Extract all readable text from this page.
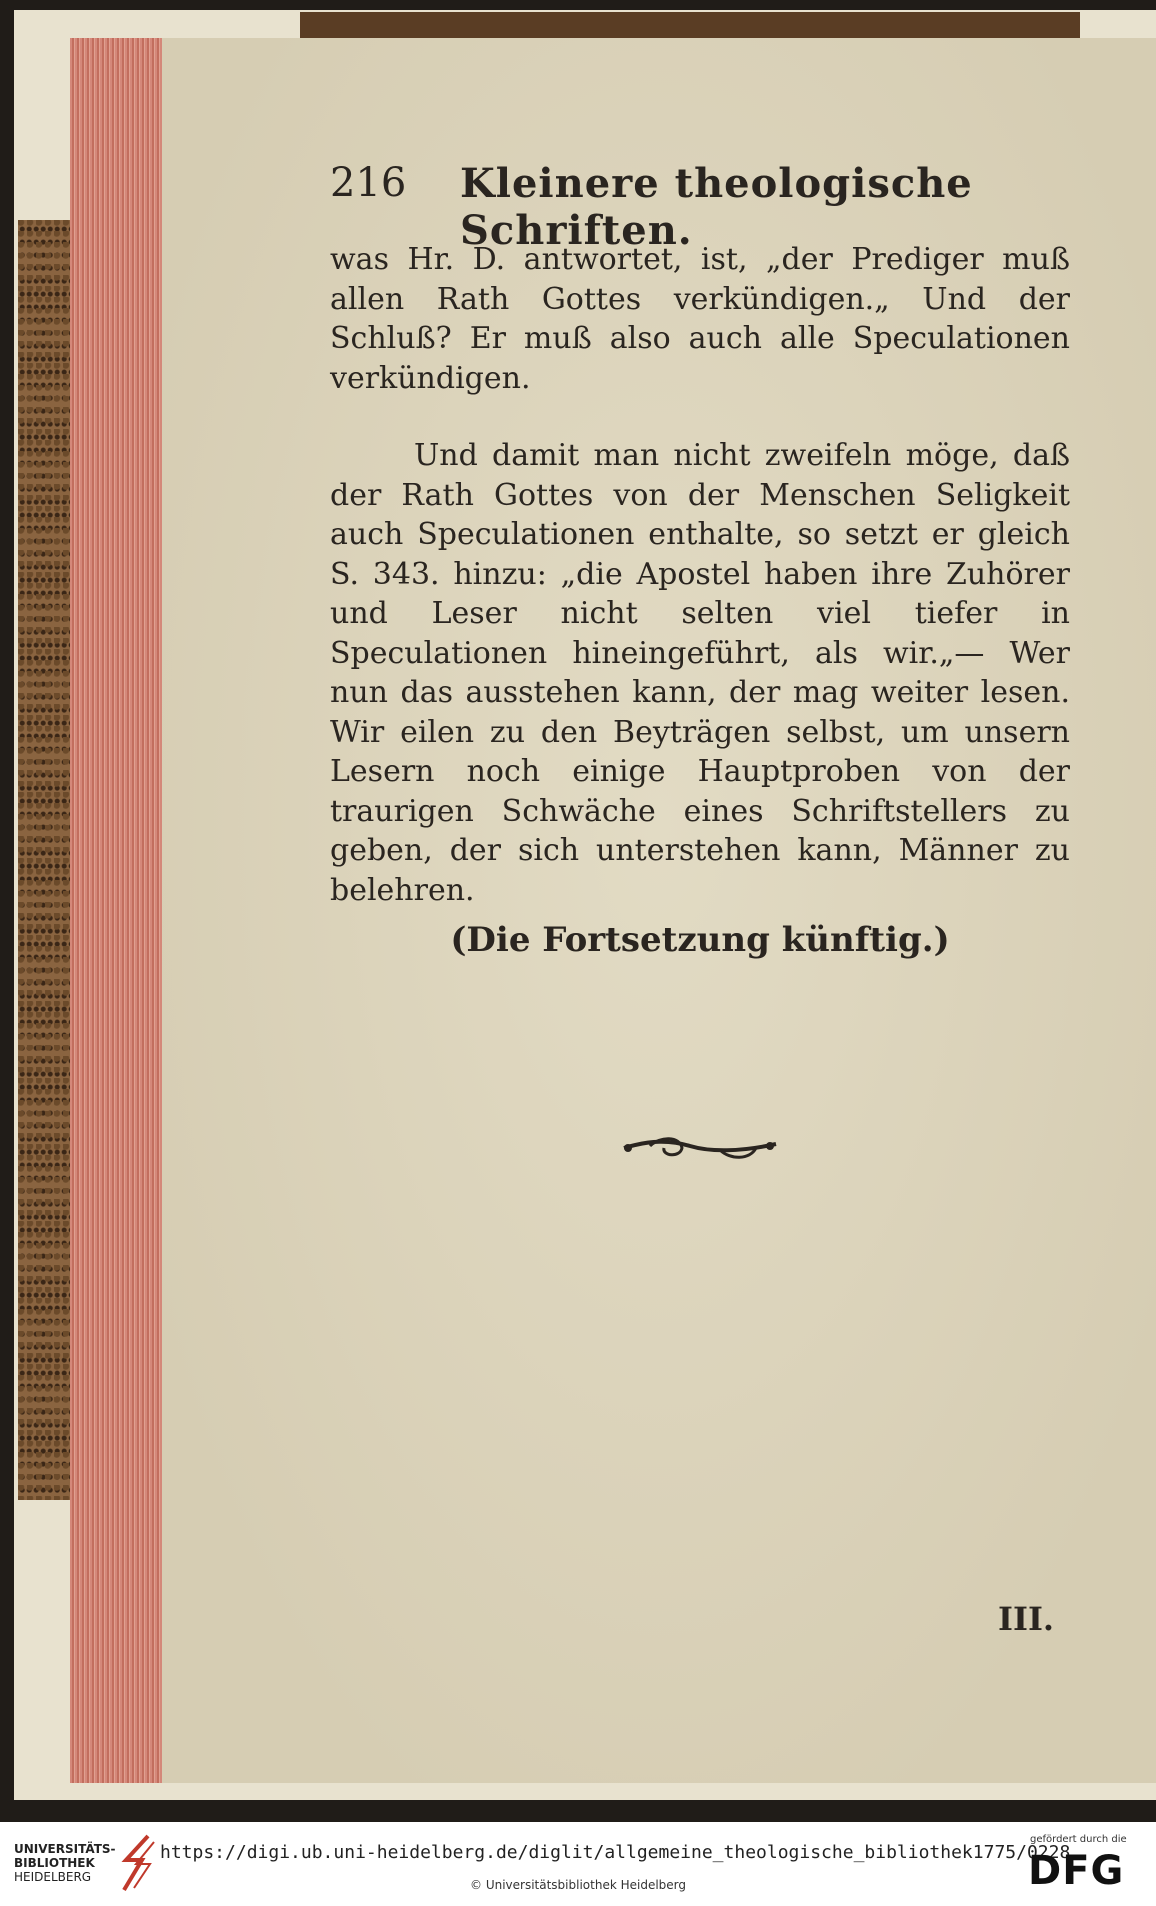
216 Kleinere theologische Schriften.

was Hr. D. antwortet, ist, „der Prediger muß allen Rath Gottes verkündigen.„ Und der Schluß? Er muß also auch alle Speculationen verkündigen.

Und damit man nicht zweifeln möge, daß der Rath Gottes von der Menschen Seligkeit auch Speculationen enthalte, so setzt er gleich S. 343. hinzu: „die Apostel haben ihre Zuhörer und Leser nicht selten viel tiefer in Speculationen hineingeführt, als wir.„— Wer nun das ausstehen kann, der mag weiter lesen. Wir eilen zu den Beyträgen selbst, um unsern Lesern noch einige Hauptproben von der traurigen Schwäche eines Schriftstellers zu geben, der sich unterstehen kann, Männer zu belehren.

(Die Fortsetzung künftig.)
III.
UNIVERSITÄTS-
BIBLIOTHEK
HEIDELBERG
https://digi.ub.uni-heidelberg.de/diglit/allgemeine_theologische_bibliothek1775/0228
© Universitätsbibliothek Heidelberg
gefördert durch die
DFG
